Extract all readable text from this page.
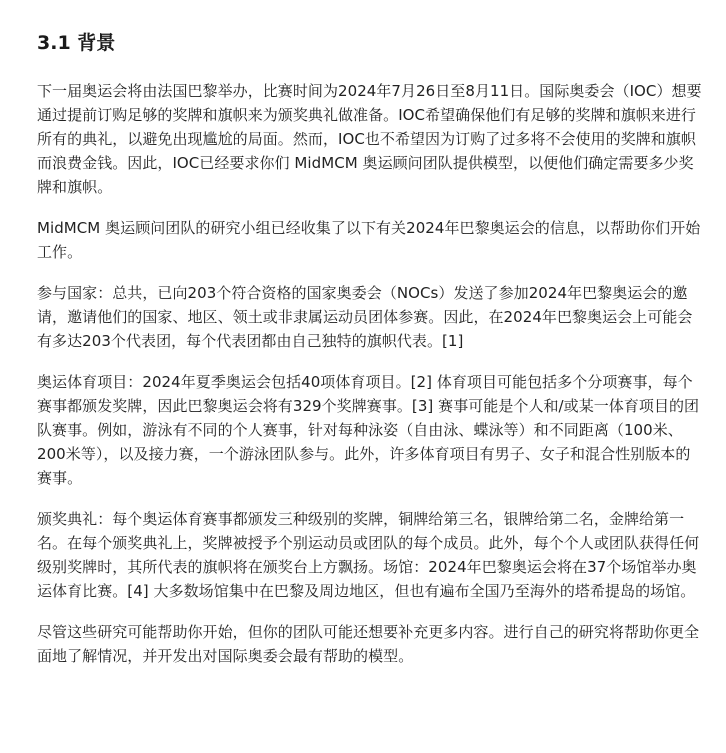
3.1 背景

下一届奥运会将由法国巴黎举办，比赛时间为2024年7月26日至8月11日。国际奥委会（IOC）想要通过提前订购足够的奖牌和旗帜来为颁奖典礼做准备。IOC希望确保他们有足够的奖牌和旗帜来进行所有的典礼，以避免出现尴尬的局面。然而，IOC也不希望因为订购了过多将不会使用的奖牌和旗帜而浪费金钱。因此，IOC已经要求你们 MidMCM 奥运顾问团队提供模型，以便他们确定需要多少奖牌和旗帜。

MidMCM 奥运顾问团队的研究小组已经收集了以下有关2024年巴黎奥运会的信息，以帮助你们开始工作。

参与国家：总共，已向203个符合资格的国家奥委会（NOCs）发送了参加2024年巴黎奥运会的邀请，邀请他们的国家、地区、领土或非隶属运动员团体参赛。因此，在2024年巴黎奥运会上可能会有多达203个代表团，每个代表团都由自己独特的旗帜代表。[1]

奥运体育项目：2024年夏季奥运会包括40项体育项目。[2] 体育项目可能包括多个分项赛事，每个赛事都颁发奖牌，因此巴黎奥运会将有329个奖牌赛事。[3] 赛事可能是个人和/或某一体育项目的团队赛事。例如，游泳有不同的个人赛事，针对每种泳姿（自由泳、蝶泳等）和不同距离（100米、200米等），以及接力赛，一个游泳团队参与。此外，许多体育项目有男子、女子和混合性别版本的赛事。

颁奖典礼：每个奥运体育赛事都颁发三种级别的奖牌，铜牌给第三名，银牌给第二名，金牌给第一名。在每个颁奖典礼上，奖牌被授予个别运动员或团队的每个成员。此外，每个个人或团队获得任何级别奖牌时，其所代表的旗帜将在颁奖台上方飘扬。场馆：2024年巴黎奥运会将在37个场馆举办奥运体育比赛。[4] 大多数场馆集中在巴黎及周边地区，但也有遍布全国乃至海外的塔希提岛的场馆。

尽管这些研究可能帮助你开始，但你的团队可能还想要补充更多内容。进行自己的研究将帮助你更全面地了解情况，并开发出对国际奥委会最有帮助的模型。
